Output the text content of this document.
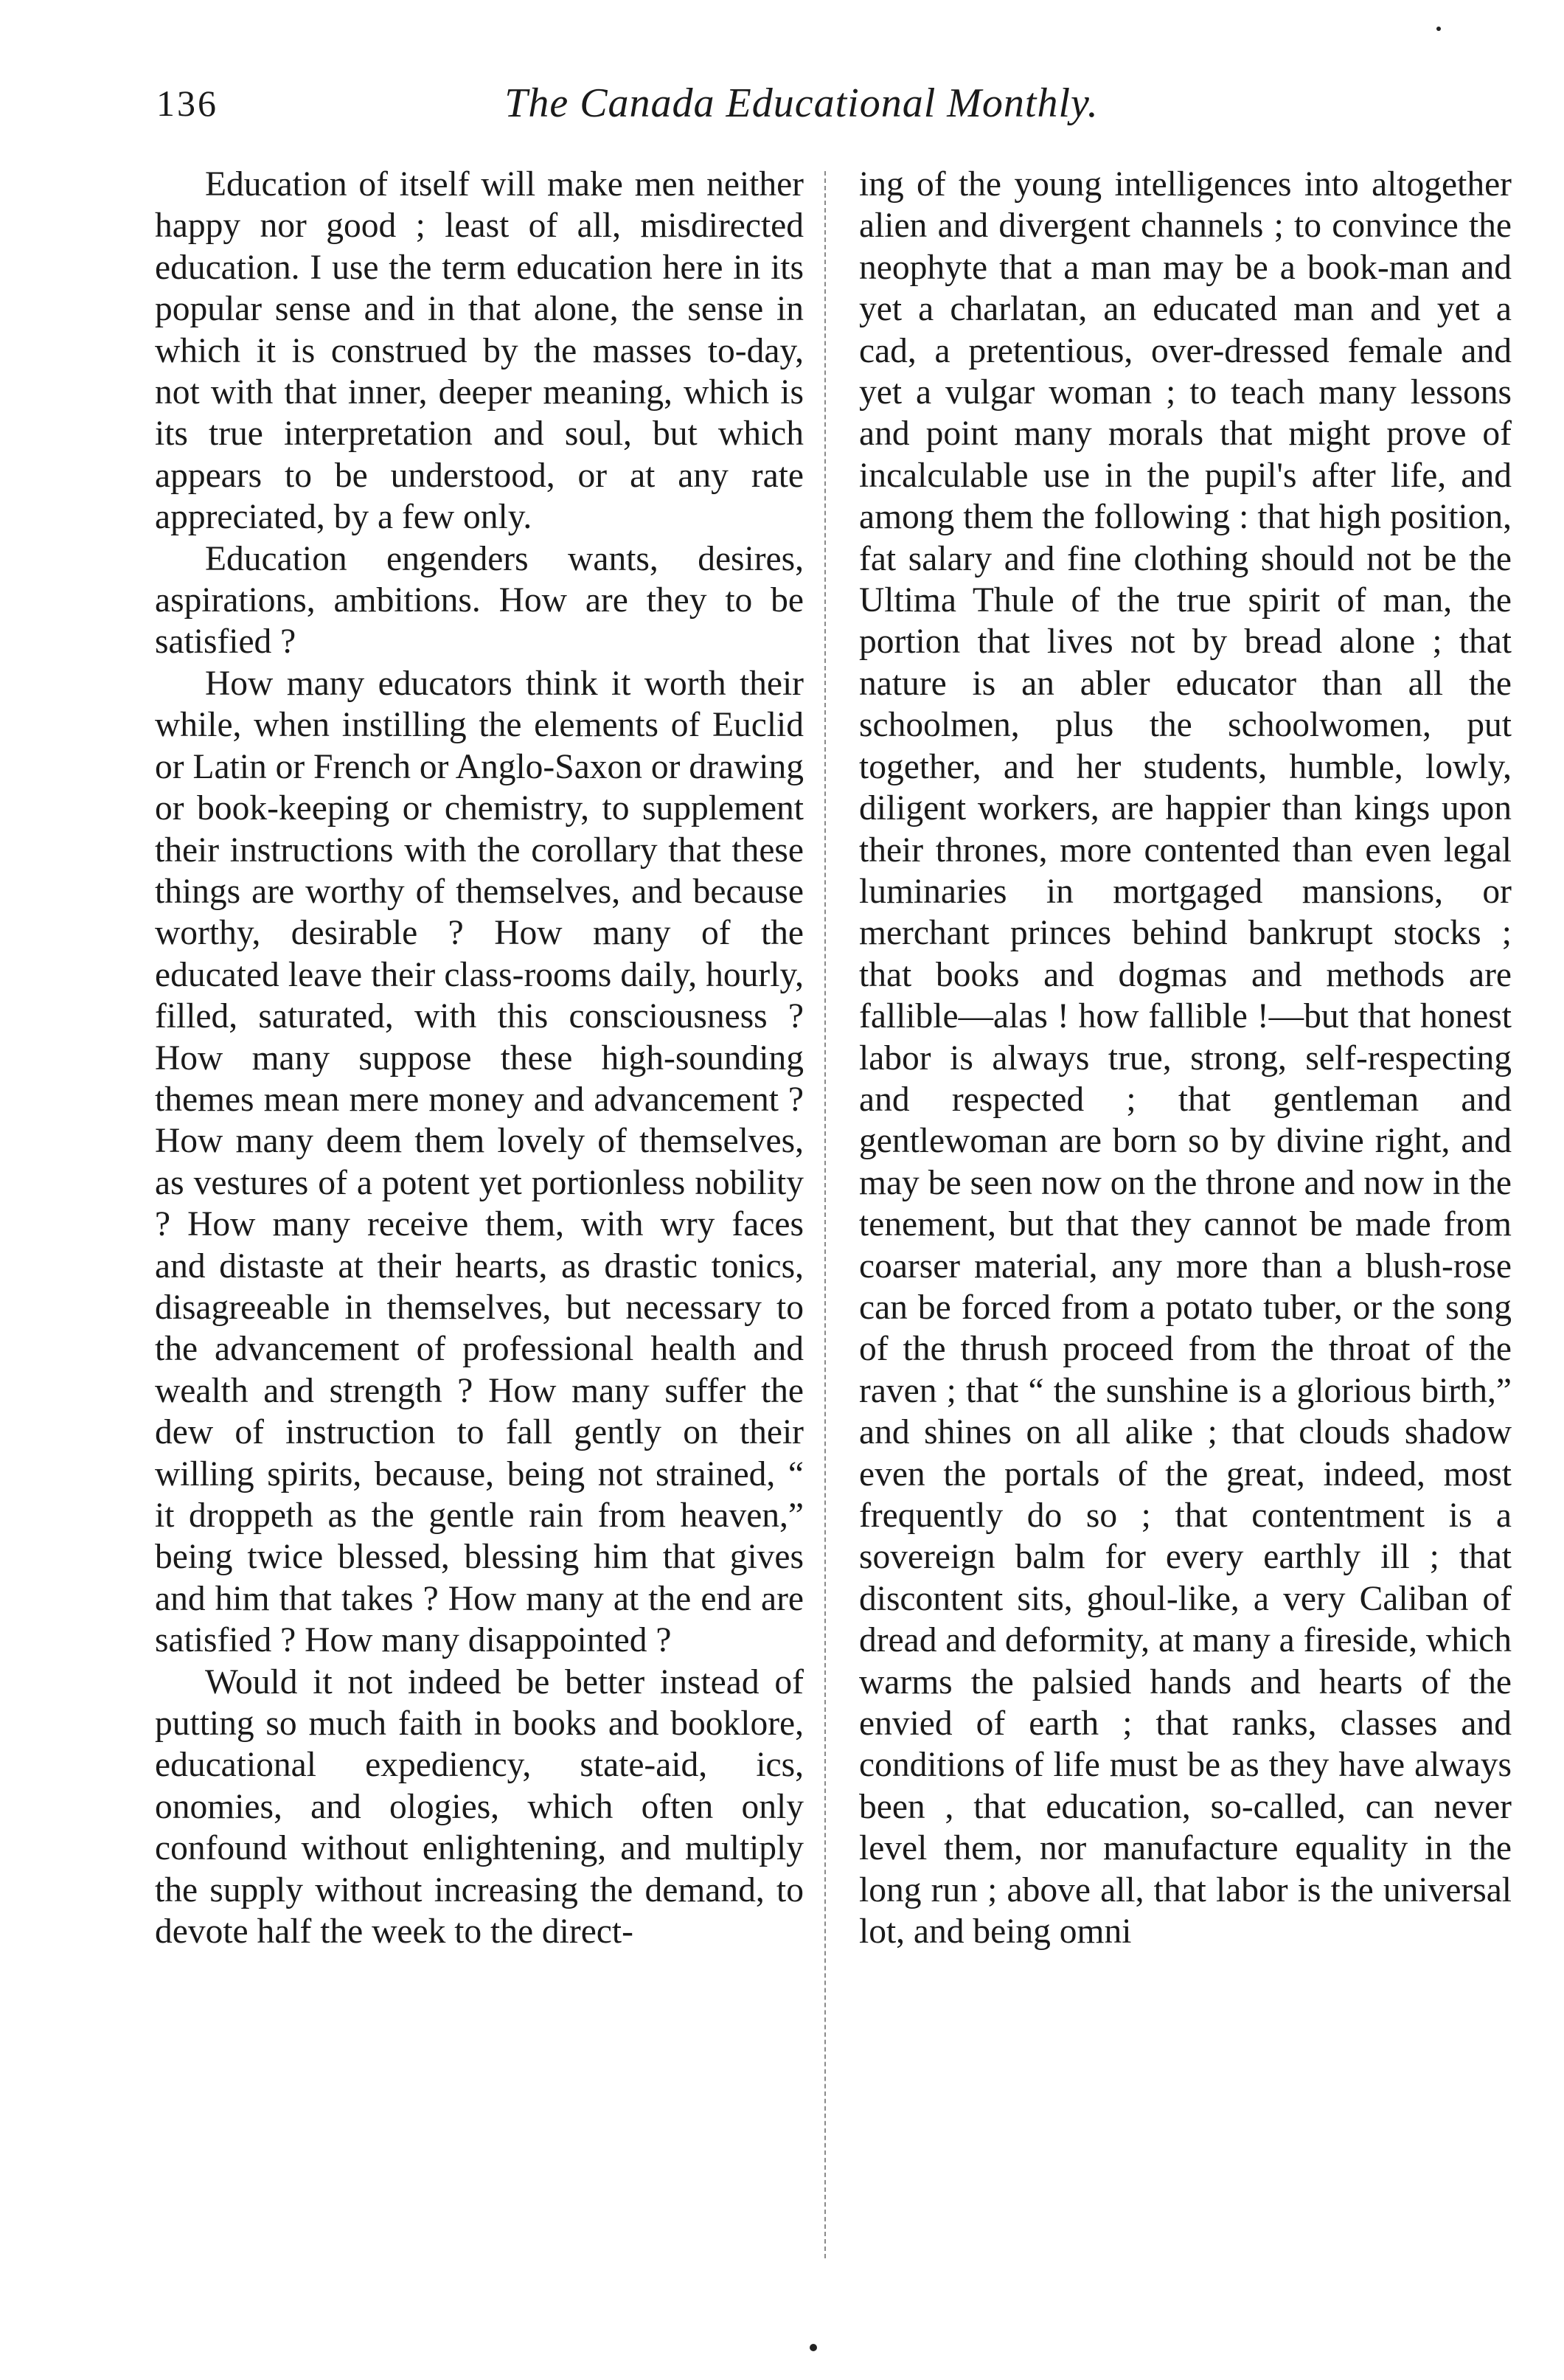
136	The Canada Educational Monthly.

Education of itself will make men neither happy nor good ; least of all, misdirected education. I use the term education here in its popular sense and in that alone, the sense in which it is construed by the masses to-day, not with that inner, deeper meaning, which is its true interpretation and soul, but which appears to be understood, or at any rate appreciated, by a few only.

Education engenders wants, desires, aspirations, ambitions. How are they to be satisfied ?

How many educators think it worth their while, when instilling the elements of Euclid or Latin or French or Anglo-Saxon or drawing or book-keeping or chemistry, to supplement their instructions with the corollary that these things are worthy of themselves, and because worthy, desirable ? How many of the educated leave their class-rooms daily, hourly, filled, saturated, with this consciousness ? How many suppose these high-sounding themes mean mere money and advancement ? How many deem them lovely of themselves, as vestures of a potent yet portionless nobility ? How many receive them, with wry faces and distaste at their hearts, as drastic tonics, disagreeable in themselves, but necessary to the advancement of professional health and wealth and strength ? How many suffer the dew of instruction to fall gently on their willing spirits, because, being not strained, “ it droppeth as the gentle rain from heaven,” being twice blessed, blessing him that gives and him that takes ? How many at the end are satisfied ? How many disappointed ?

Would it not indeed be better instead of putting so much faith in books and booklore, educational expediency, state-aid, ics, onomies, and ologies, which often only confound without enlightening, and multiply the supply without increasing the demand, to devote half the week to the direct-

ing of the young intelligences into altogether alien and divergent channels ; to convince the neophyte that a man may be a book-man and yet a charlatan, an educated man and yet a cad, a pretentious, over-dressed female and yet a vulgar woman ; to teach many lessons and point many morals that might prove of incalculable use in the pupil's after life, and among them the following : that high position, fat salary and fine clothing should not be the Ultima Thule of the true spirit of man, the portion that lives not by bread alone ; that nature is an abler educator than all the schoolmen, plus the schoolwomen, put together, and her students, humble, lowly, diligent workers, are happier than kings upon their thrones, more contented than even legal luminaries in mortgaged mansions, or merchant princes behind bankrupt stocks ; that books and dogmas and methods are fallible—alas ! how fallible !—but that honest labor is always true, strong, self-respecting and respected ; that gentleman and gentlewoman are born so by divine right, and may be seen now on the throne and now in the tenement, but that they cannot be made from coarser material, any more than a blush-rose can be forced from a potato tuber, or the song of the thrush proceed from the throat of the raven ; that “ the sunshine is a glorious birth,” and shines on all alike ; that clouds shadow even the portals of the great, indeed, most frequently do so ; that contentment is a sovereign balm for every earthly ill ; that discontent sits, ghoul-like, a very Caliban of dread and deformity, at many a fireside, which warms the palsied hands and hearts of the envied of earth ; that ranks, classes and conditions of life must be as they have always been , that education, so-called, can never level them, nor manufacture equality in the long run ; above all, that labor is the universal lot, and being omni
